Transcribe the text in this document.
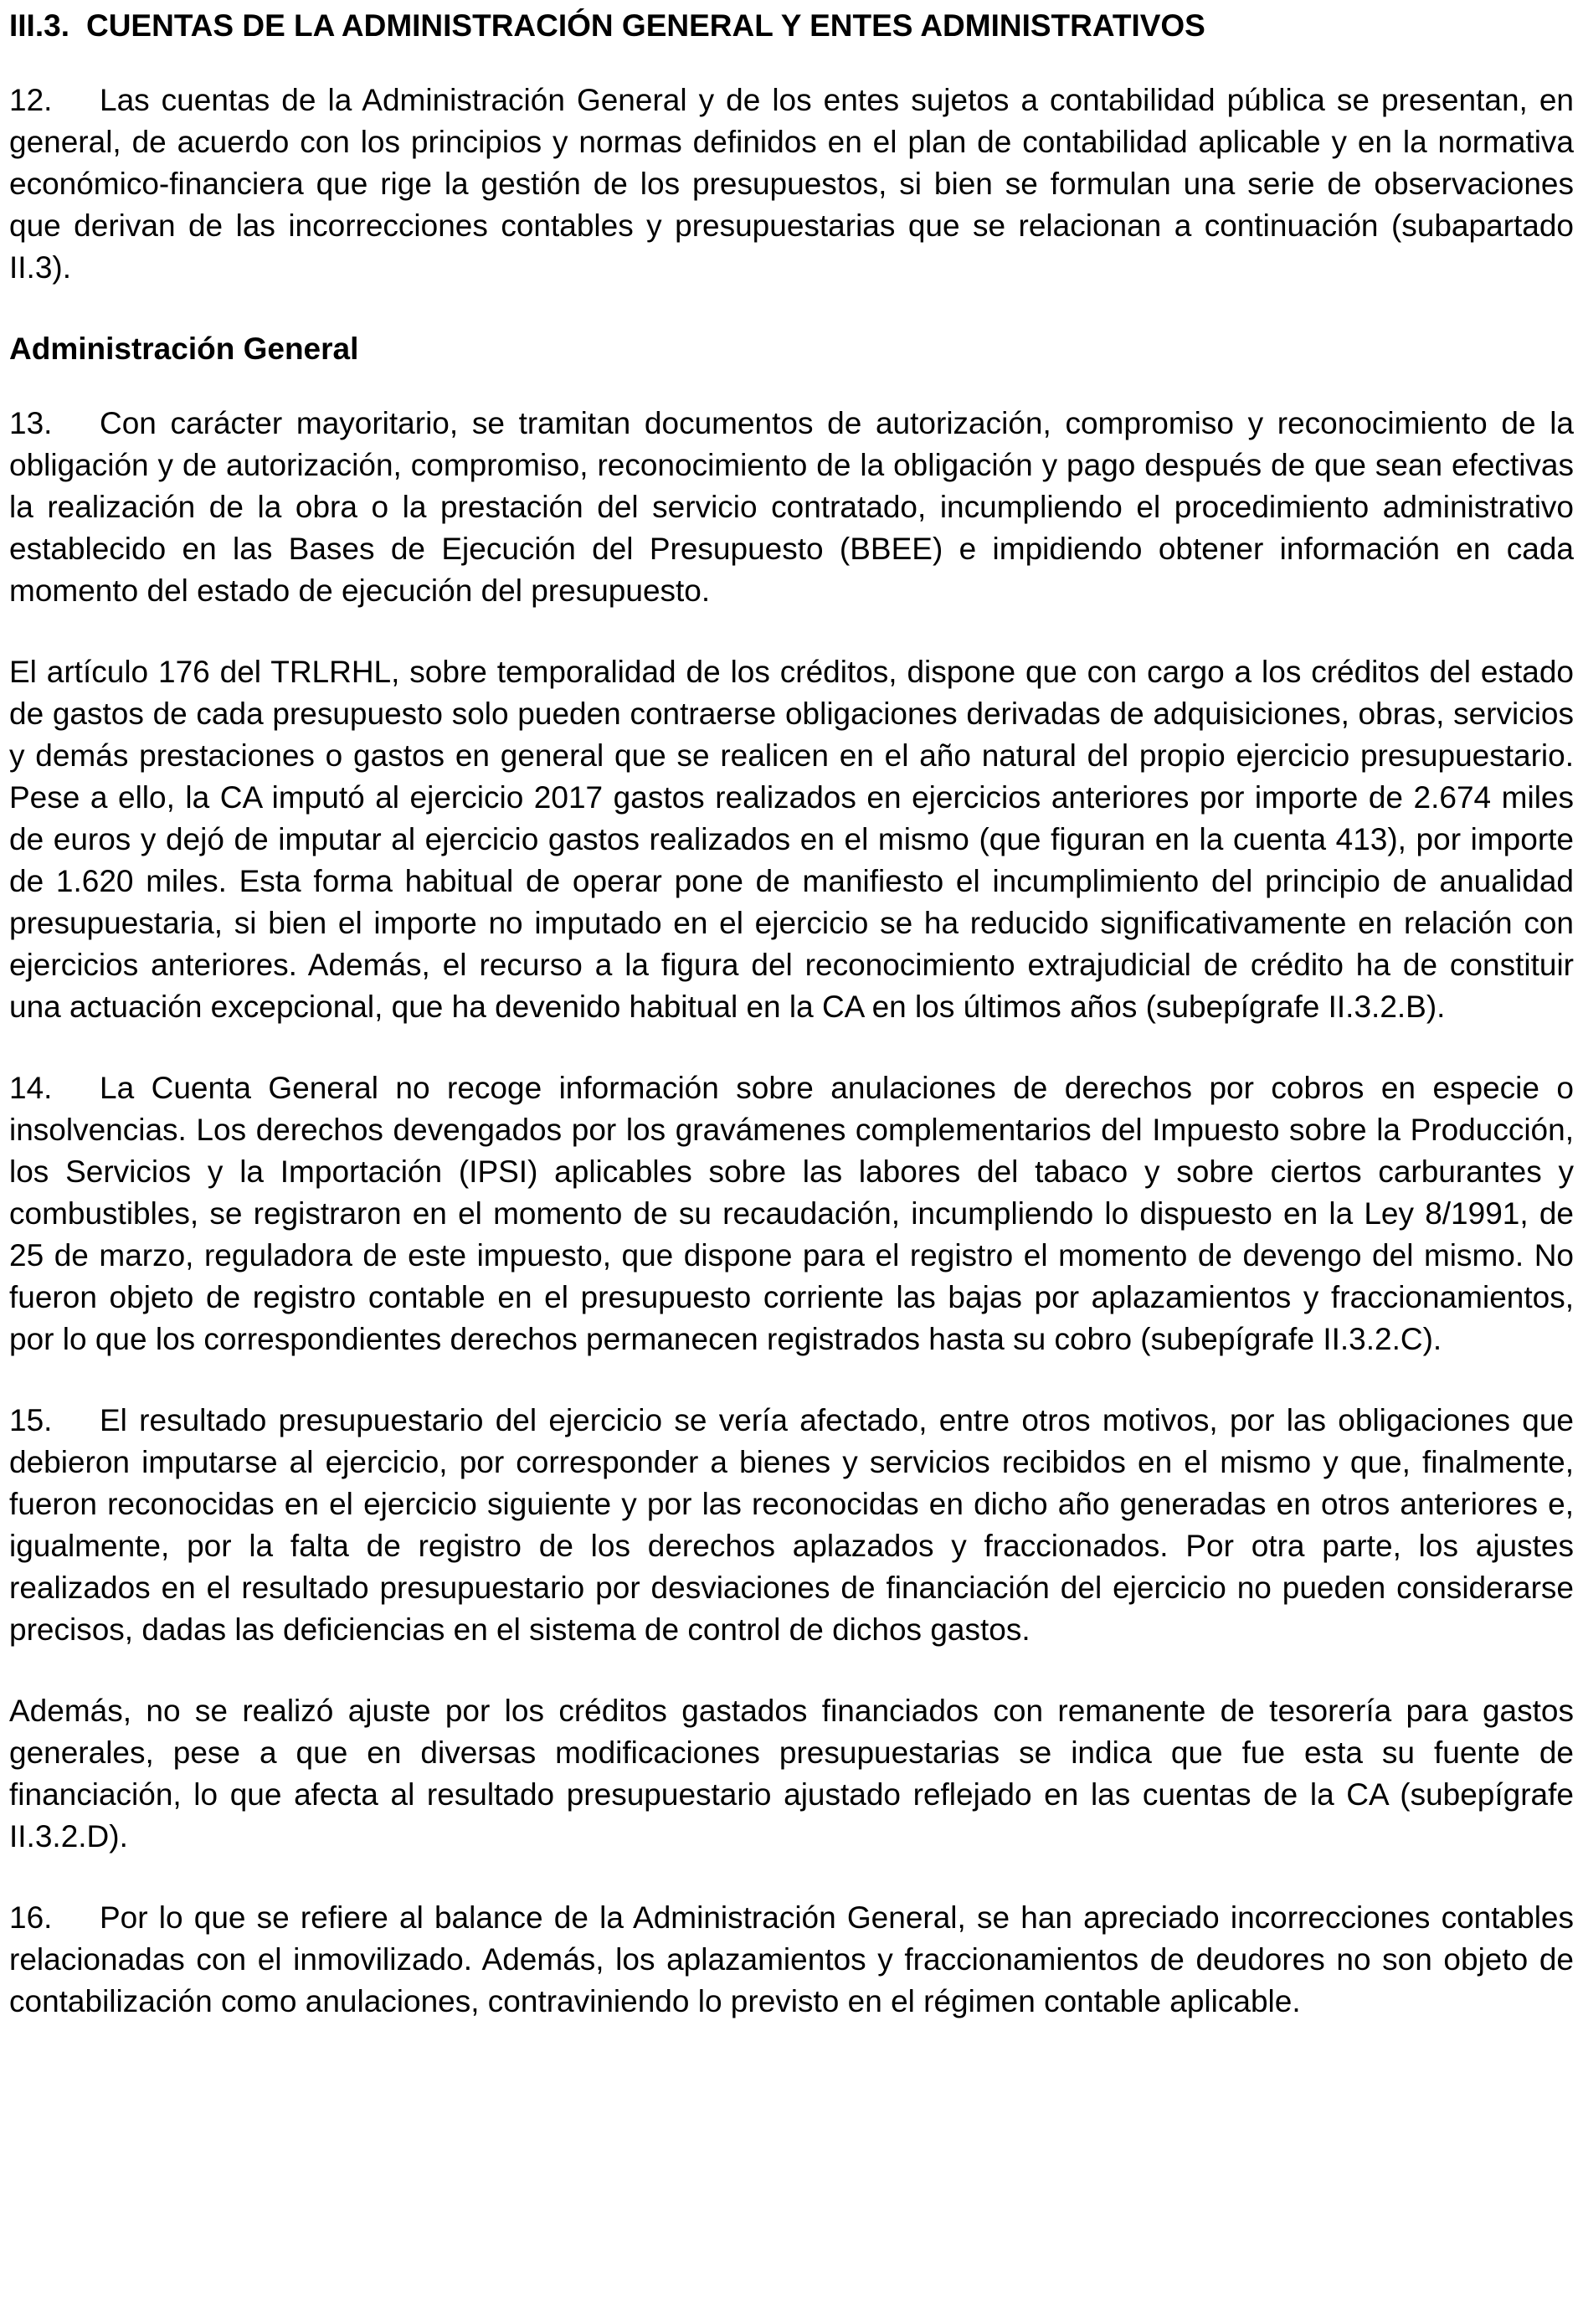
III.3. CUENTAS DE LA ADMINISTRACIÓN GENERAL Y ENTES ADMINISTRATIVOS

12. Las cuentas de la Administración General y de los entes sujetos a contabilidad pública se presentan, en general, de acuerdo con los principios y normas definidos en el plan de contabilidad aplicable y en la normativa económico-financiera que rige la gestión de los presupuestos, si bien se formulan una serie de observaciones que derivan de las incorrecciones contables y presupuestarias que se relacionan a continuación (subapartado II.3).

Administración General

13. Con carácter mayoritario, se tramitan documentos de autorización, compromiso y reconocimiento de la obligación y de autorización, compromiso, reconocimiento de la obligación y pago después de que sean efectivas la realización de la obra o la prestación del servicio contratado, incumpliendo el procedimiento administrativo establecido en las Bases de Ejecución del Presupuesto (BBEE) e impidiendo obtener información en cada momento del estado de ejecución del presupuesto.

El artículo 176 del TRLRHL, sobre temporalidad de los créditos, dispone que con cargo a los créditos del estado de gastos de cada presupuesto solo pueden contraerse obligaciones derivadas de adquisiciones, obras, servicios y demás prestaciones o gastos en general que se realicen en el año natural del propio ejercicio presupuestario. Pese a ello, la CA imputó al ejercicio 2017 gastos realizados en ejercicios anteriores por importe de 2.674 miles de euros y dejó de imputar al ejercicio gastos realizados en el mismo (que figuran en la cuenta 413), por importe de 1.620 miles. Esta forma habitual de operar pone de manifiesto el incumplimiento del principio de anualidad presupuestaria, si bien el importe no imputado en el ejercicio se ha reducido significativamente en relación con ejercicios anteriores. Además, el recurso a la figura del reconocimiento extrajudicial de crédito ha de constituir una actuación excepcional, que ha devenido habitual en la CA en los últimos años (subepígrafe II.3.2.B).

14. La Cuenta General no recoge información sobre anulaciones de derechos por cobros en especie o insolvencias. Los derechos devengados por los gravámenes complementarios del Impuesto sobre la Producción, los Servicios y la Importación (IPSI) aplicables sobre las labores del tabaco y sobre ciertos carburantes y combustibles, se registraron en el momento de su recaudación, incumpliendo lo dispuesto en la Ley 8/1991, de 25 de marzo, reguladora de este impuesto, que dispone para el registro el momento de devengo del mismo. No fueron objeto de registro contable en el presupuesto corriente las bajas por aplazamientos y fraccionamientos, por lo que los correspondientes derechos permanecen registrados hasta su cobro (subepígrafe II.3.2.C).

15. El resultado presupuestario del ejercicio se vería afectado, entre otros motivos, por las obligaciones que debieron imputarse al ejercicio, por corresponder a bienes y servicios recibidos en el mismo y que, finalmente, fueron reconocidas en el ejercicio siguiente y por las reconocidas en dicho año generadas en otros anteriores e, igualmente, por la falta de registro de los derechos aplazados y fraccionados. Por otra parte, los ajustes realizados en el resultado presupuestario por desviaciones de financiación del ejercicio no pueden considerarse precisos, dadas las deficiencias en el sistema de control de dichos gastos.

Además, no se realizó ajuste por los créditos gastados financiados con remanente de tesorería para gastos generales, pese a que en diversas modificaciones presupuestarias se indica que fue esta su fuente de financiación, lo que afecta al resultado presupuestario ajustado reflejado en las cuentas de la CA (subepígrafe II.3.2.D).

16. Por lo que se refiere al balance de la Administración General, se han apreciado incorrecciones contables relacionadas con el inmovilizado. Además, los aplazamientos y fraccionamientos de deudores no son objeto de contabilización como anulaciones, contraviniendo lo previsto en el régimen contable aplicable.
